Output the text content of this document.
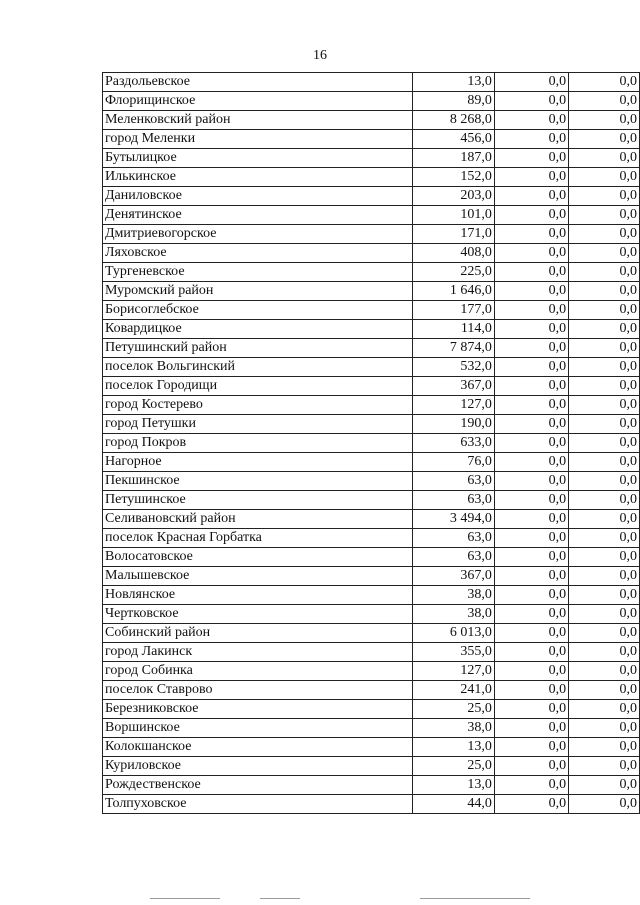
16
Раздольевское	13,0	0,0	0,0
Флорищинское	89,0	0,0	0,0
Меленковский район	8 268,0	0,0	0,0
город Меленки	456,0	0,0	0,0
Бутылицкое	187,0	0,0	0,0
Илькинское	152,0	0,0	0,0
Даниловское	203,0	0,0	0,0
Денятинское	101,0	0,0	0,0
Дмитриевогорское	171,0	0,0	0,0
Ляховское	408,0	0,0	0,0
Тургеневское	225,0	0,0	0,0
Муромский район	1 646,0	0,0	0,0
Борисоглебское	177,0	0,0	0,0
Ковардицкое	114,0	0,0	0,0
Петушинский район	7 874,0	0,0	0,0
поселок Вольгинский	532,0	0,0	0,0
поселок Городищи	367,0	0,0	0,0
город Костерево	127,0	0,0	0,0
город Петушки	190,0	0,0	0,0
город Покров	633,0	0,0	0,0
Нагорное	76,0	0,0	0,0
Пекшинское	63,0	0,0	0,0
Петушинское	63,0	0,0	0,0
Селивановский район	3 494,0	0,0	0,0
поселок Красная Горбатка	63,0	0,0	0,0
Волосатовское	63,0	0,0	0,0
Малышевское	367,0	0,0	0,0
Новлянское	38,0	0,0	0,0
Чертковское	38,0	0,0	0,0
Собинский район	6 013,0	0,0	0,0
город Лакинск	355,0	0,0	0,0
город Собинка	127,0	0,0	0,0
поселок Ставрово	241,0	0,0	0,0
Березниковское	25,0	0,0	0,0
Воршинское	38,0	0,0	0,0
Колокшанское	13,0	0,0	0,0
Куриловское	25,0	0,0	0,0
Рождественское	13,0	0,0	0,0
Толпуховское	44,0	0,0	0,0
